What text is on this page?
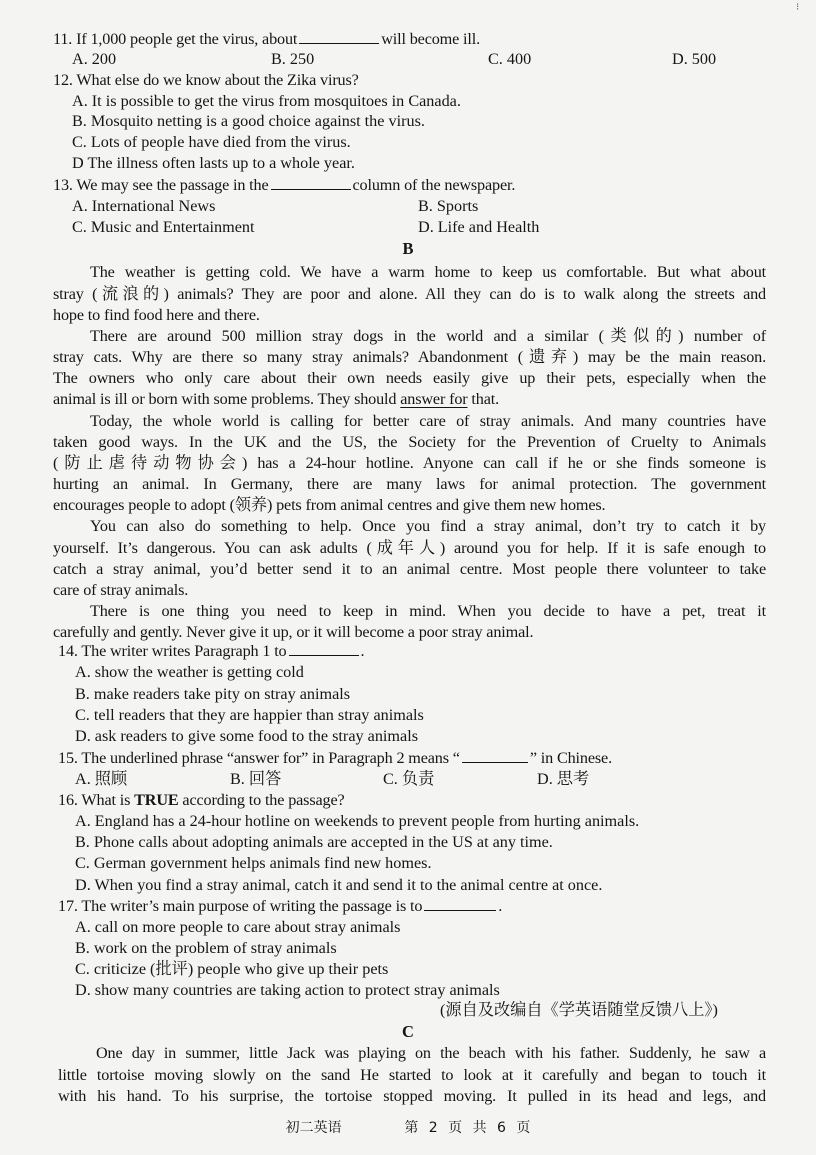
⁝
11. If 1,000 people get the virus, about	will become ill.
A. 200	B. 250	C. 400	D. 500
12. What else do we know about the Zika virus?
A. It is possible to get the virus from mosquitoes in Canada.
B. Mosquito netting is a good choice against the virus.
C. Lots of people have died from the virus.
D The illness often lasts up to a whole year.
13. We may see the passage in the	column of the newspaper.
A. International News	B. Sports
C. Music and Entertainment	D. Life and Health
B
The weather is getting cold. We have a warm home to keep us comfortable. But what about
stray (流浪的) animals? They are poor and alone. All they can do is to walk along the streets and
hope to find food here and there.
There are around 500 million stray dogs in the world and a similar (类似的) number of
stray cats. Why are there so many stray animals? Abandonment (遗弃) may be the main reason.
The owners who only care about their own needs easily give up their pets, especially when the
animal is ill or born with some problems. They should answer for that.
Today, the whole world is calling for better care of stray animals. And many countries have
taken good ways. In the UK and the US, the Society for the Prevention of Cruelty to Animals
(防止虐待动物协会) has a 24-hour hotline. Anyone can call if he or she finds someone is
hurting an animal. In Germany, there are many laws for animal protection. The government
encourages people to adopt (领养) pets from animal centres and give them new homes.
You can also do something to help. Once you find a stray animal, don’t try to catch it by
yourself. It’s dangerous. You can ask adults (成年人) around you for help. If it is safe enough to
catch a stray animal, you’d better send it to an animal centre. Most people there volunteer to take
care of stray animals.
There is one thing you need to keep in mind. When you decide to have a pet, treat it
carefully and gently. Never give it up, or it will become a poor stray animal.
14. The writer writes Paragraph 1 to	.
A. show the weather is getting cold
B. make readers take pity on stray animals
C. tell readers that they are happier than stray animals
D. ask readers to give some food to the stray animals
15. The underlined phrase “answer for” in Paragraph 2 means “	” in Chinese.
A. 照顾	B. 回答	C. 负责	D. 思考
16. What is TRUE according to the passage?
A. England has a 24-hour hotline on weekends to prevent people from hurting animals.
B. Phone calls about adopting animals are accepted in the US at any time.
C. German government helps animals find new homes.
D. When you find a stray animal, catch it and send it to the animal centre at once.
17. The writer’s main purpose of writing the passage is to	.
A. call on more people to care about stray animals
B. work on the problem of stray animals
C. criticize (批评) people who give up their pets
D. show many countries are taking action to protect stray animals
(源自及改编自《学英语随堂反馈八上》)
C
One day in summer, little Jack was playing on the beach with his father. Suddenly, he saw a
little tortoise moving slowly on the sand He started to look at it carefully and began to touch it
with his hand. To his surprise, the tortoise stopped moving. It pulled in its head and legs, and
初二英语	第 2 页 共 6 页
